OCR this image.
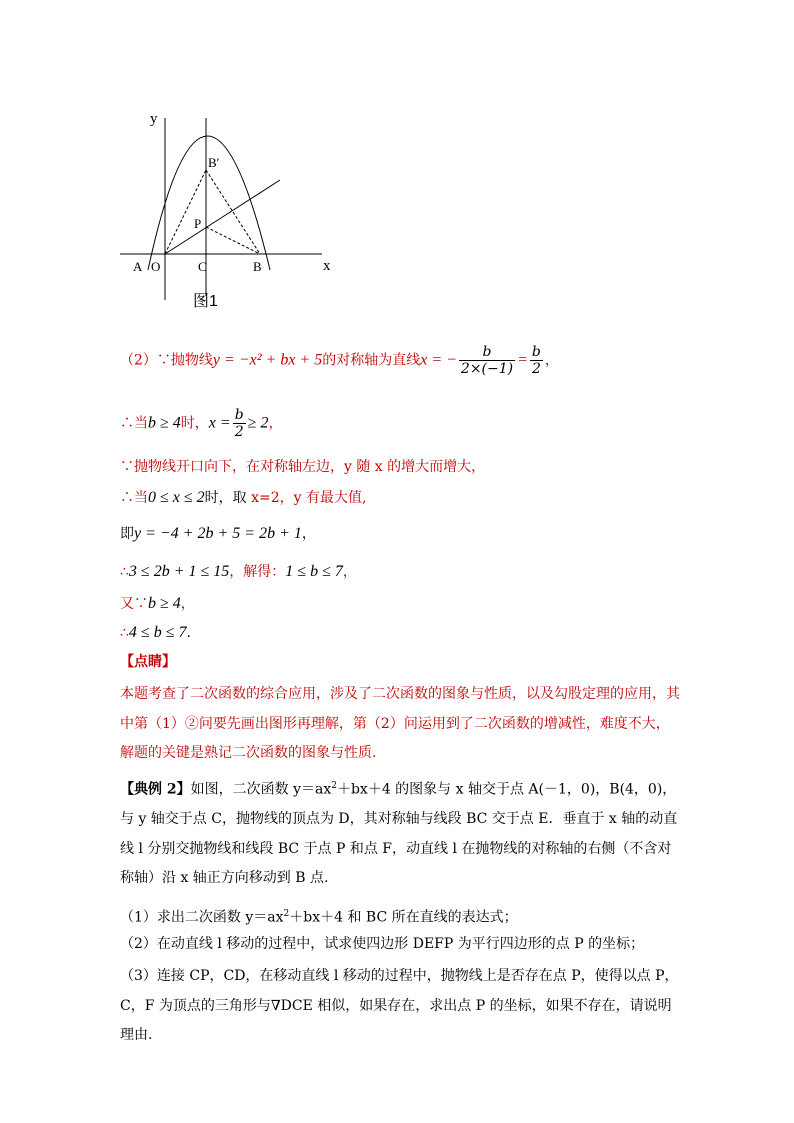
y
x
B′
P
A O	C	B
图1
（2）∵抛物线y = −x² + bx + 5的对称轴为直线x = − $\frac{b}{2\times(-1)} = \frac{b}{2}$ ，
∴当b ≥ 4时，$x = \frac{b}{2} \ge 2$，
∵抛物线开口向下，在对称轴左边，y 随 x 的增大而增大，
∴当0 ≤ x ≤ 2时，取 x=2，y 有最大值,
即y = −4 + 2b + 5 = 2b + 1，
∴3 ≤ 2b + 1 ≤ 15，解得：1 ≤ b ≤ 7，
又∵b ≥ 4，
∴4 ≤ b ≤ 7.
【点睛】
本题考查了二次函数的综合应用，涉及了二次函数的图象与性质，以及勾股定理的应用，其中第（1）②问要先画出图形再理解，第（2）问运用到了二次函数的增减性，难度不大，解题的关键是熟记二次函数的图象与性质.
【典例 2】如图，二次函数 $y=ax^2+bx+4$ 的图象与 x 轴交于点 A(－1，0)，B(4，0)，与 y 轴交于点 C，抛物线的顶点为 D，其对称轴与线段 BC 交于点 E．垂直于 x 轴的动直线 l 分别交抛物线和线段 BC 于点 P 和点 F，动直线 l 在抛物线的对称轴的右侧（不含对称轴）沿 x 轴正方向移动到 B 点.
（1）求出二次函数 $y=ax^2+bx+4$ 和 BC 所在直线的表达式；
（2）在动直线 l 移动的过程中，试求使四边形 DEFP 为平行四边形的点 P 的坐标；
（3）连接 CP，CD，在移动直线 l 移动的过程中，抛物线上是否存在点 P，使得以点 P，C，F 为顶点的三角形与∇DCE 相似，如果存在，求出点 P 的坐标，如果不存在，请说明理由.
